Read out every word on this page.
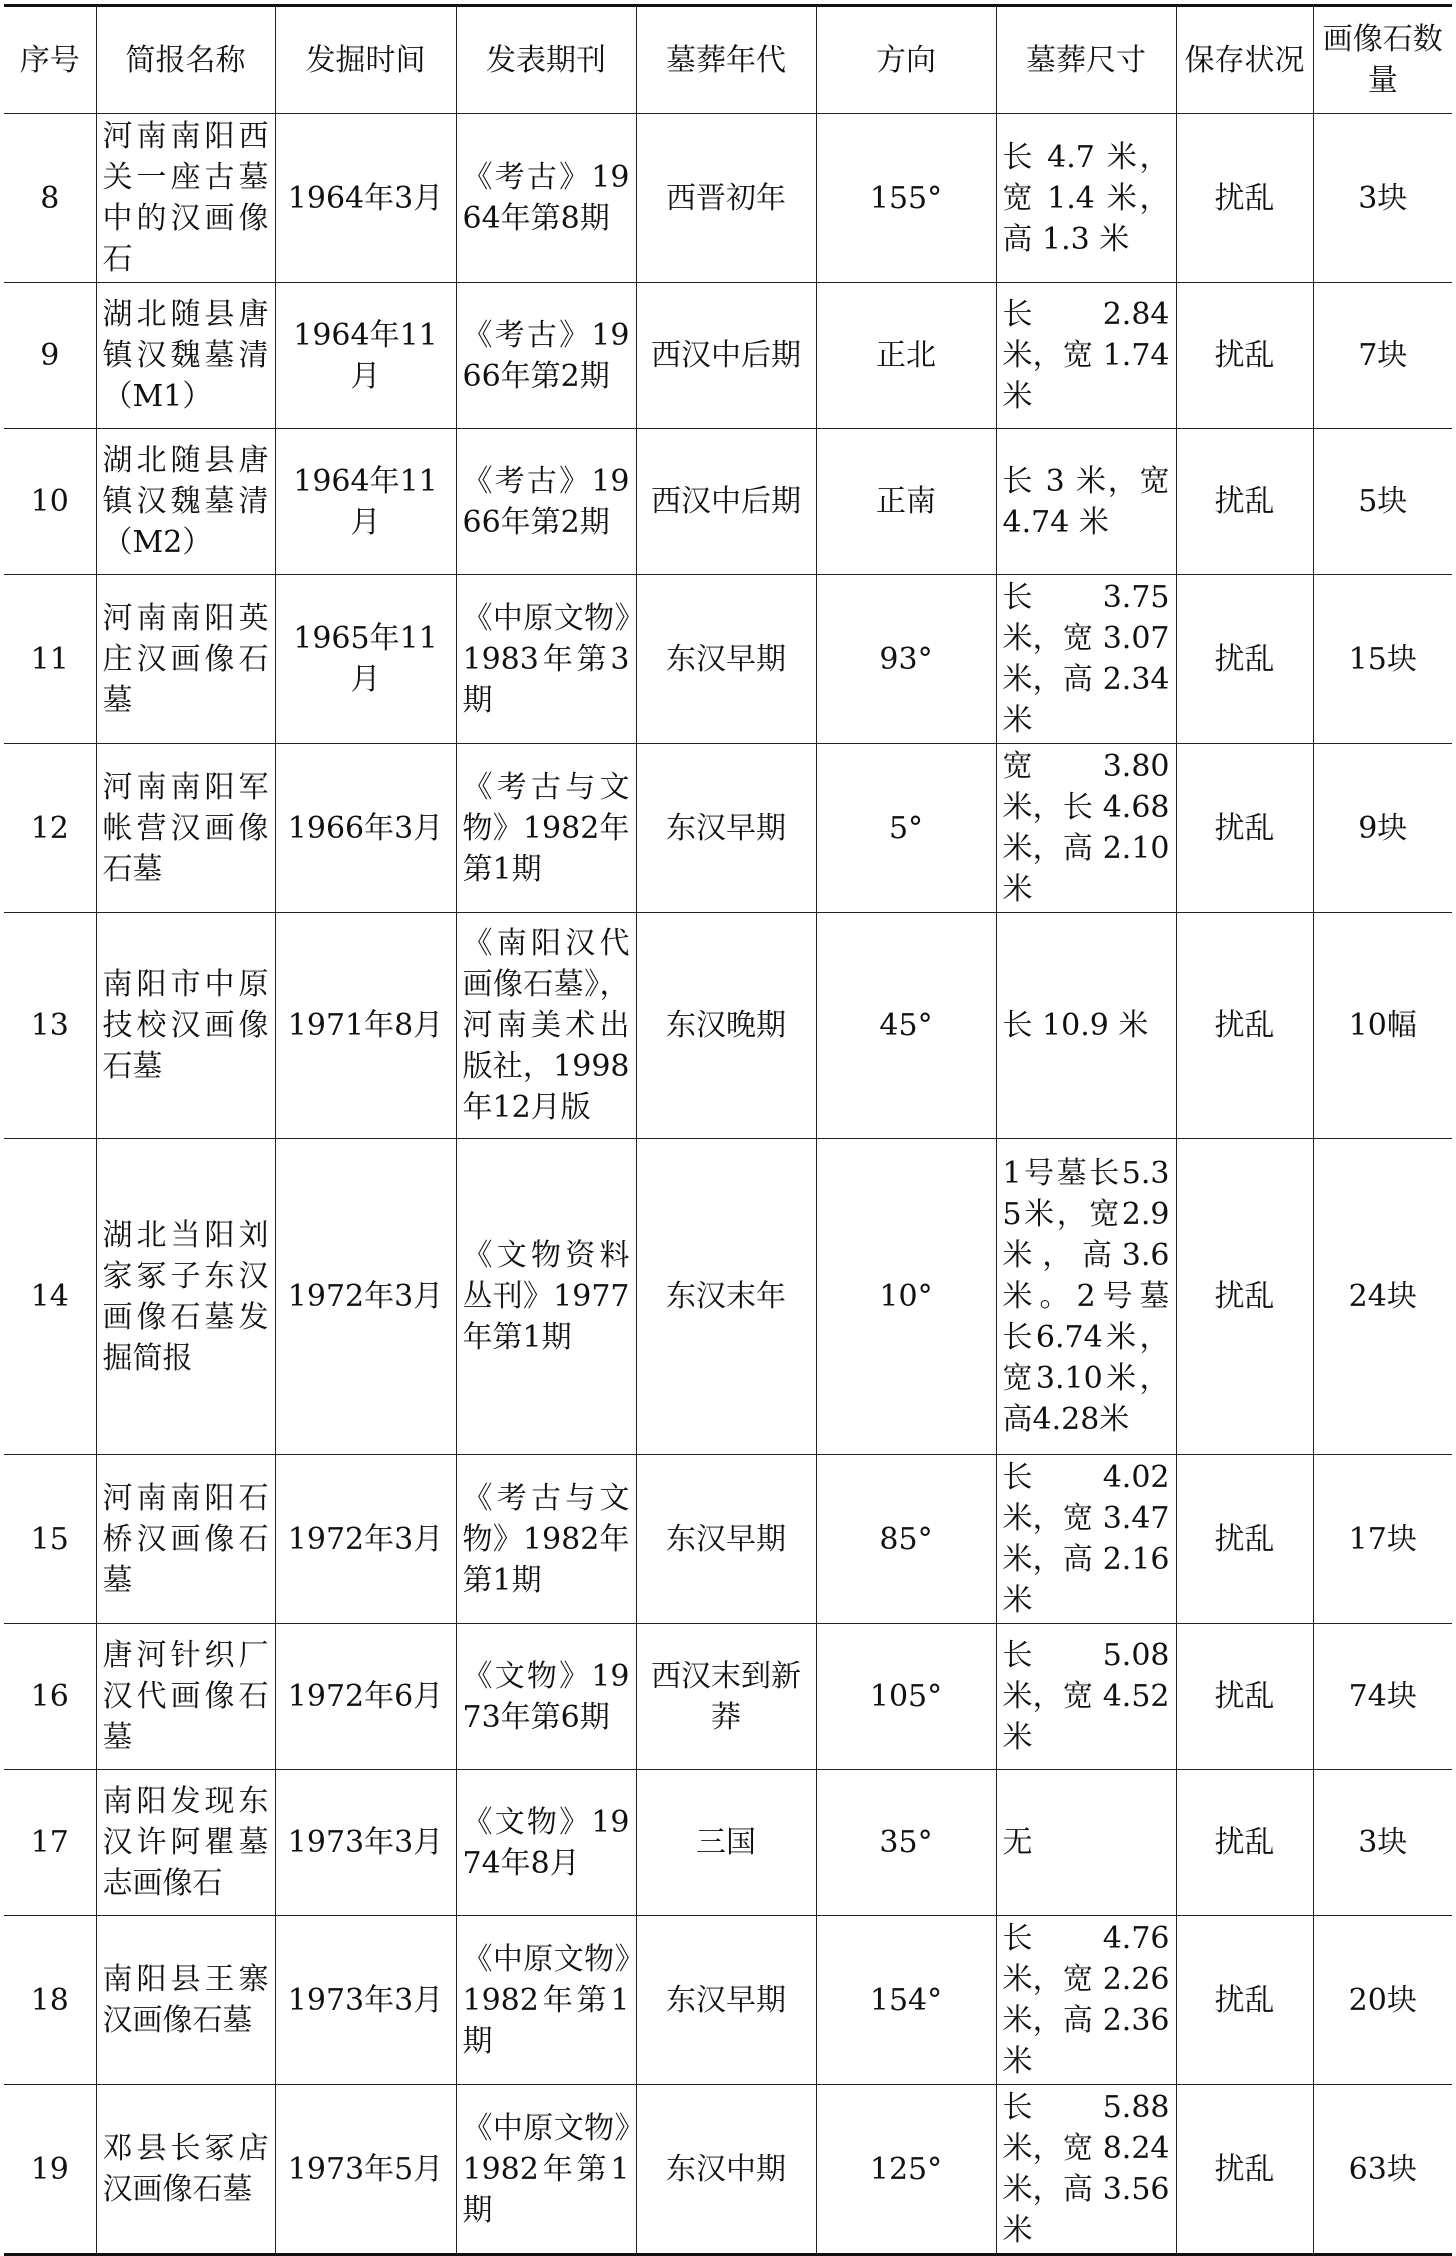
序号	简报名称	发掘时间	发表期刊	墓葬年代	方向	墓葬尺寸	保存状况	画像石数量
8	河南南阳西关一座古墓中的汉画像石	1964年3月	《考古》1964年第8期	西晋初年	155°	长 4.7 米，宽 1.4 米，高 1.3 米	扰乱	3块
9	湖北随县唐镇汉魏墓清（M1）	1964年11月	《考古》1966年第2期	西汉中后期	正北	长 2.84 米，宽 1.74 米	扰乱	7块
10	湖北随县唐镇汉魏墓清（M2）	1964年11月	《考古》1966年第2期	西汉中后期	正南	长 3 米，宽 4.74 米	扰乱	5块
11	河南南阳英庄汉画像石墓	1965年11月	《中原文物》1983年第3期	东汉早期	93°	长 3.75 米，宽 3.07 米，高 2.34 米	扰乱	15块
12	河南南阳军帐营汉画像石墓	1966年3月	《考古与文物》1982年第1期	东汉早期	5°	宽 3.80 米，长 4.68 米，高 2.10 米	扰乱	9块
13	南阳市中原技校汉画像石墓	1971年8月	《南阳汉代画像石墓》，河南美术出版社，1998年12月版	东汉晚期	45°	长 10.9 米	扰乱	10幅
14	湖北当阳刘家冢子东汉画像石墓发掘简报	1972年3月	《文物资料丛刊》1977年第1期	东汉末年	10°	1号墓长5.35米，宽2.9米，高3.6米。2号墓长6.74米，宽3.10米，高4.28米	扰乱	24块
15	河南南阳石桥汉画像石墓	1972年3月	《考古与文物》1982年第1期	东汉早期	85°	长 4.02 米，宽 3.47 米，高 2.16 米	扰乱	17块
16	唐河针织厂汉代画像石墓	1972年6月	《文物》1973年第6期	西汉末到新莽	105°	长 5.08 米，宽 4.52 米	扰乱	74块
17	南阳发现东汉许阿瞿墓志画像石	1973年3月	《文物》1974年8月	三国	35°	无	扰乱	3块
18	南阳县王寨汉画像石墓	1973年3月	《中原文物》1982年第1期	东汉早期	154°	长 4.76 米，宽 2.26 米，高 2.36 米	扰乱	20块
19	邓县长冢店汉画像石墓	1973年5月	《中原文物》1982年第1期	东汉中期	125°	长 5.88 米，宽 8.24 米，高 3.56 米	扰乱	63块
